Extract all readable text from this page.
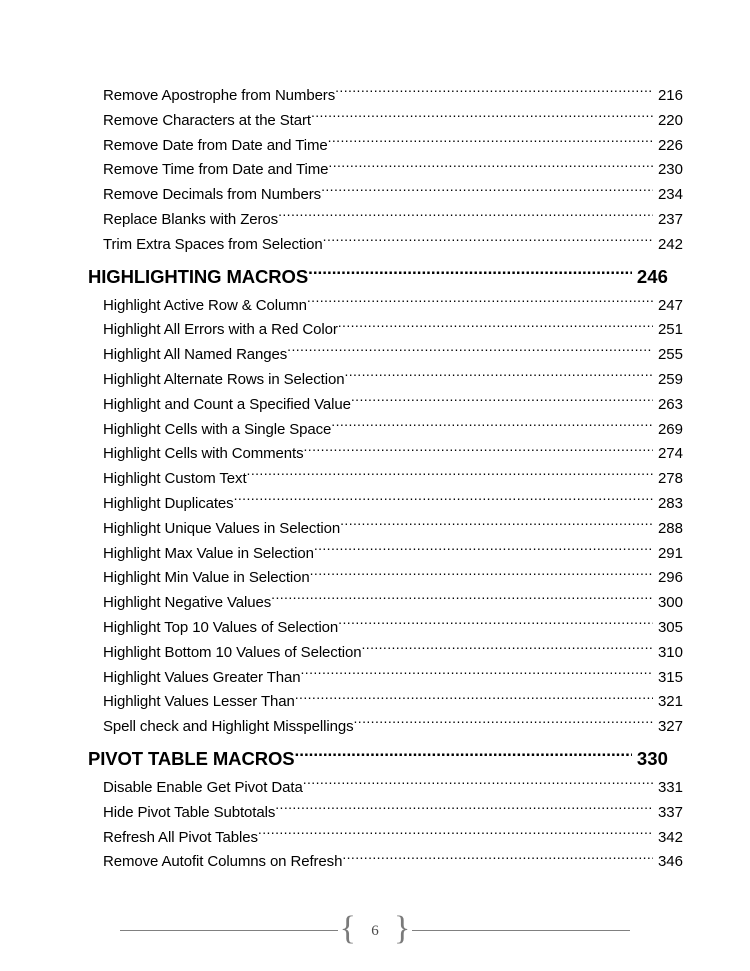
Remove Apostrophe from Numbers .....	216
Remove Characters at the Start .....	220
Remove Date from Date and Time .....	226
Remove Time from Date and Time .....	230
Remove Decimals from Numbers .....	234
Replace Blanks with Zeros .....	237
Trim Extra Spaces from Selection .....	242
HIGHLIGHTING MACROS .....	246
Highlight Active Row & Column .....	247
Highlight All Errors with a Red Color .....	251
Highlight All Named Ranges .....	255
Highlight Alternate Rows in Selection .....	259
Highlight and Count a Specified Value .....	263
Highlight Cells with a Single Space .....	269
Highlight Cells with Comments .....	274
Highlight Custom Text .....	278
Highlight Duplicates .....	283
Highlight Unique Values in Selection .....	288
Highlight Max Value in Selection .....	291
Highlight Min Value in Selection .....	296
Highlight Negative Values .....	300
Highlight Top 10 Values of Selection .....	305
Highlight Bottom 10 Values of Selection .....	310
Highlight Values Greater Than .....	315
Highlight Values Lesser Than .....	321
Spell check and Highlight Misspellings .....	327
PIVOT TABLE MACROS .....	330
Disable Enable Get Pivot Data .....	331
Hide Pivot Table Subtotals .....	337
Refresh All Pivot Tables .....	342
Remove Autofit Columns on Refresh .....	346
{	6 }
